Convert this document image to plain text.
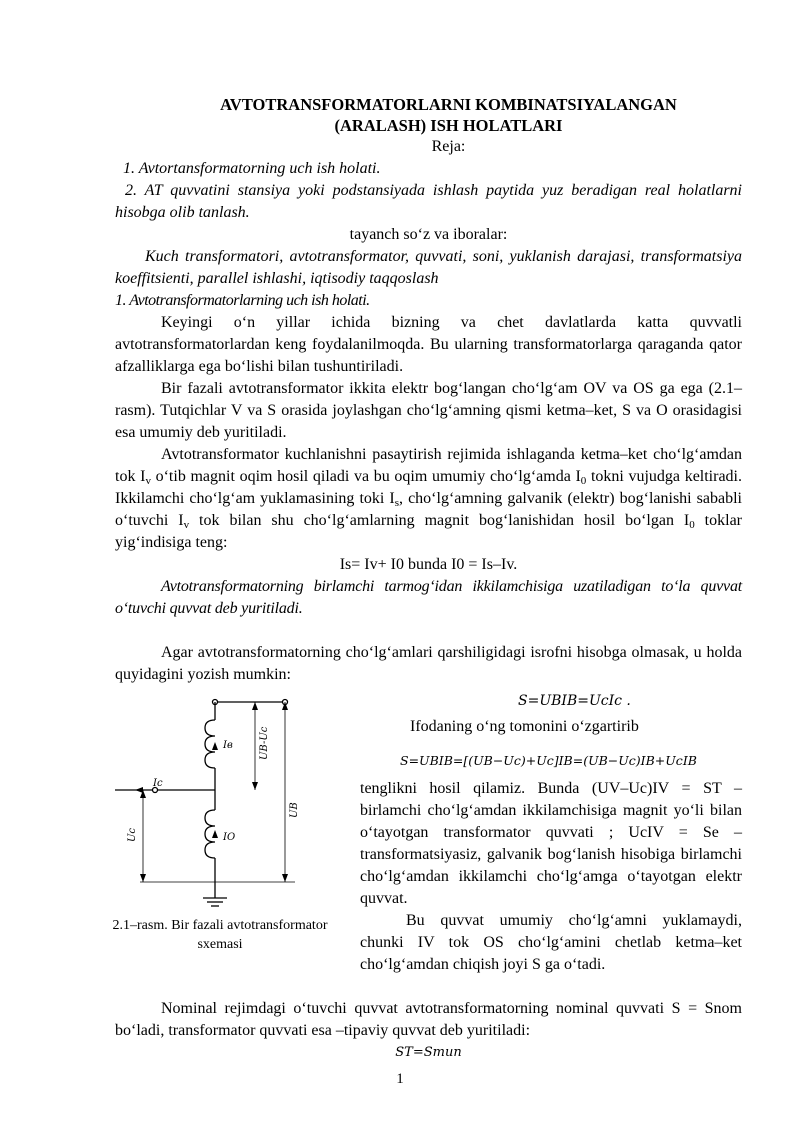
AVTOTRANSFORMATORLARNI KOMBINATSIYALANGAN
(ARALASH) ISH HOLATLARI

Reja:

1. Avtortansformatorning uch ish holati.

2. AT quvvatini stansiya yoki podstansiyada ishlash paytida yuz beradigan real holatlarni hisobga olib tanlash.

tayanch so‘z va iboralar:

Kuch transformatori, avtotransformator, quvvati, soni, yuklanish darajasi, transformatsiya koeffitsienti, parallel ishlashi, iqtisodiy taqqoslash

1. Avtotransformatorlarning uch ish holati.

Keyingi o‘n yillar ichida bizning va chet davlatlarda katta quvvatli avtotransformatorlardan keng foydalanilmoqda. Bu ularning transformatorlarga qaraganda qator afzalliklarga ega bo‘lishi bilan tushuntiriladi.

Bir fazali avtotransformator ikkita elektr bog‘langan cho‘lg‘am OV va OS ga ega (2.1–rasm). Tutqichlar V va S orasida joylashgan cho‘lg‘amning qismi ketma–ket, S va O orasidagisi esa umumiy deb yuritiladi.

Avtotransformator kuchlanishni pasaytirish rejimida ishlaganda ketma–ket cho‘lg‘amdan tok $I_v$ o‘tib magnit oqim hosil qiladi va bu oqim umumiy cho‘lg‘amda $I_0$ tokni vujudga keltiradi. Ikkilamchi cho‘lg‘am yuklamasining toki $I_s$, cho‘lg‘amning galvanik (elektr) bog‘lanishi sababli o‘tuvchi $I_v$ tok bilan shu cho‘lg‘amlarning magnit bog‘lanishidan hosil bo‘lgan $I_0$ toklar yig‘indisiga teng:

Is= Iv+ I0 bunda I0 = Is–Iv.

Avtotransformatorning birlamchi tarmog‘idan ikkilamchisiga uzatiladigan to‘la quvvat o‘tuvchi quvvat deb yuritiladi.

Agar avtotransformatorning cho‘lg‘amlari qarshiligidagi isrofni hisobga olmasak, u holda quyidagini yozish mumkin:

Iв
IO
Ic
UB-Uc
UB
Uc
2.1–rasm. Bir fazali avtotransformator sxemasi

S=UBIB=UcIc .

Ifodaning o‘ng tomonini o‘zgartirib

S=UBIB=[(UB−Uc)+Uc]IB=(UB−Uc)IB+UcIB

tenglikni hosil qilamiz. Bunda (UV–Uc)IV = ST –birlamchi cho‘lg‘amdan ikkilamchisiga magnit yo‘li bilan o‘tayotgan transformator quvvati ; UcIV = Se – transformatsiyasiz, galvanik bog‘lanish hisobiga birlamchi cho‘lg‘amdan ikkilamchi cho‘lg‘amga o‘tayotgan elektr quvvat.

Bu quvvat umumiy cho‘lg‘amni yuklamaydi, chunki IV tok OS cho‘lg‘amini chetlab ketma–ket cho‘lg‘amdan chiqish joyi S ga o‘tadi.

Nominal rejimdagi o‘tuvchi quvvat avtotransformatorning nominal quvvati S = Snom bo‘ladi, transformator quvvati esa –tipaviy quvvat deb yuritiladi:

ST=Smun

1
